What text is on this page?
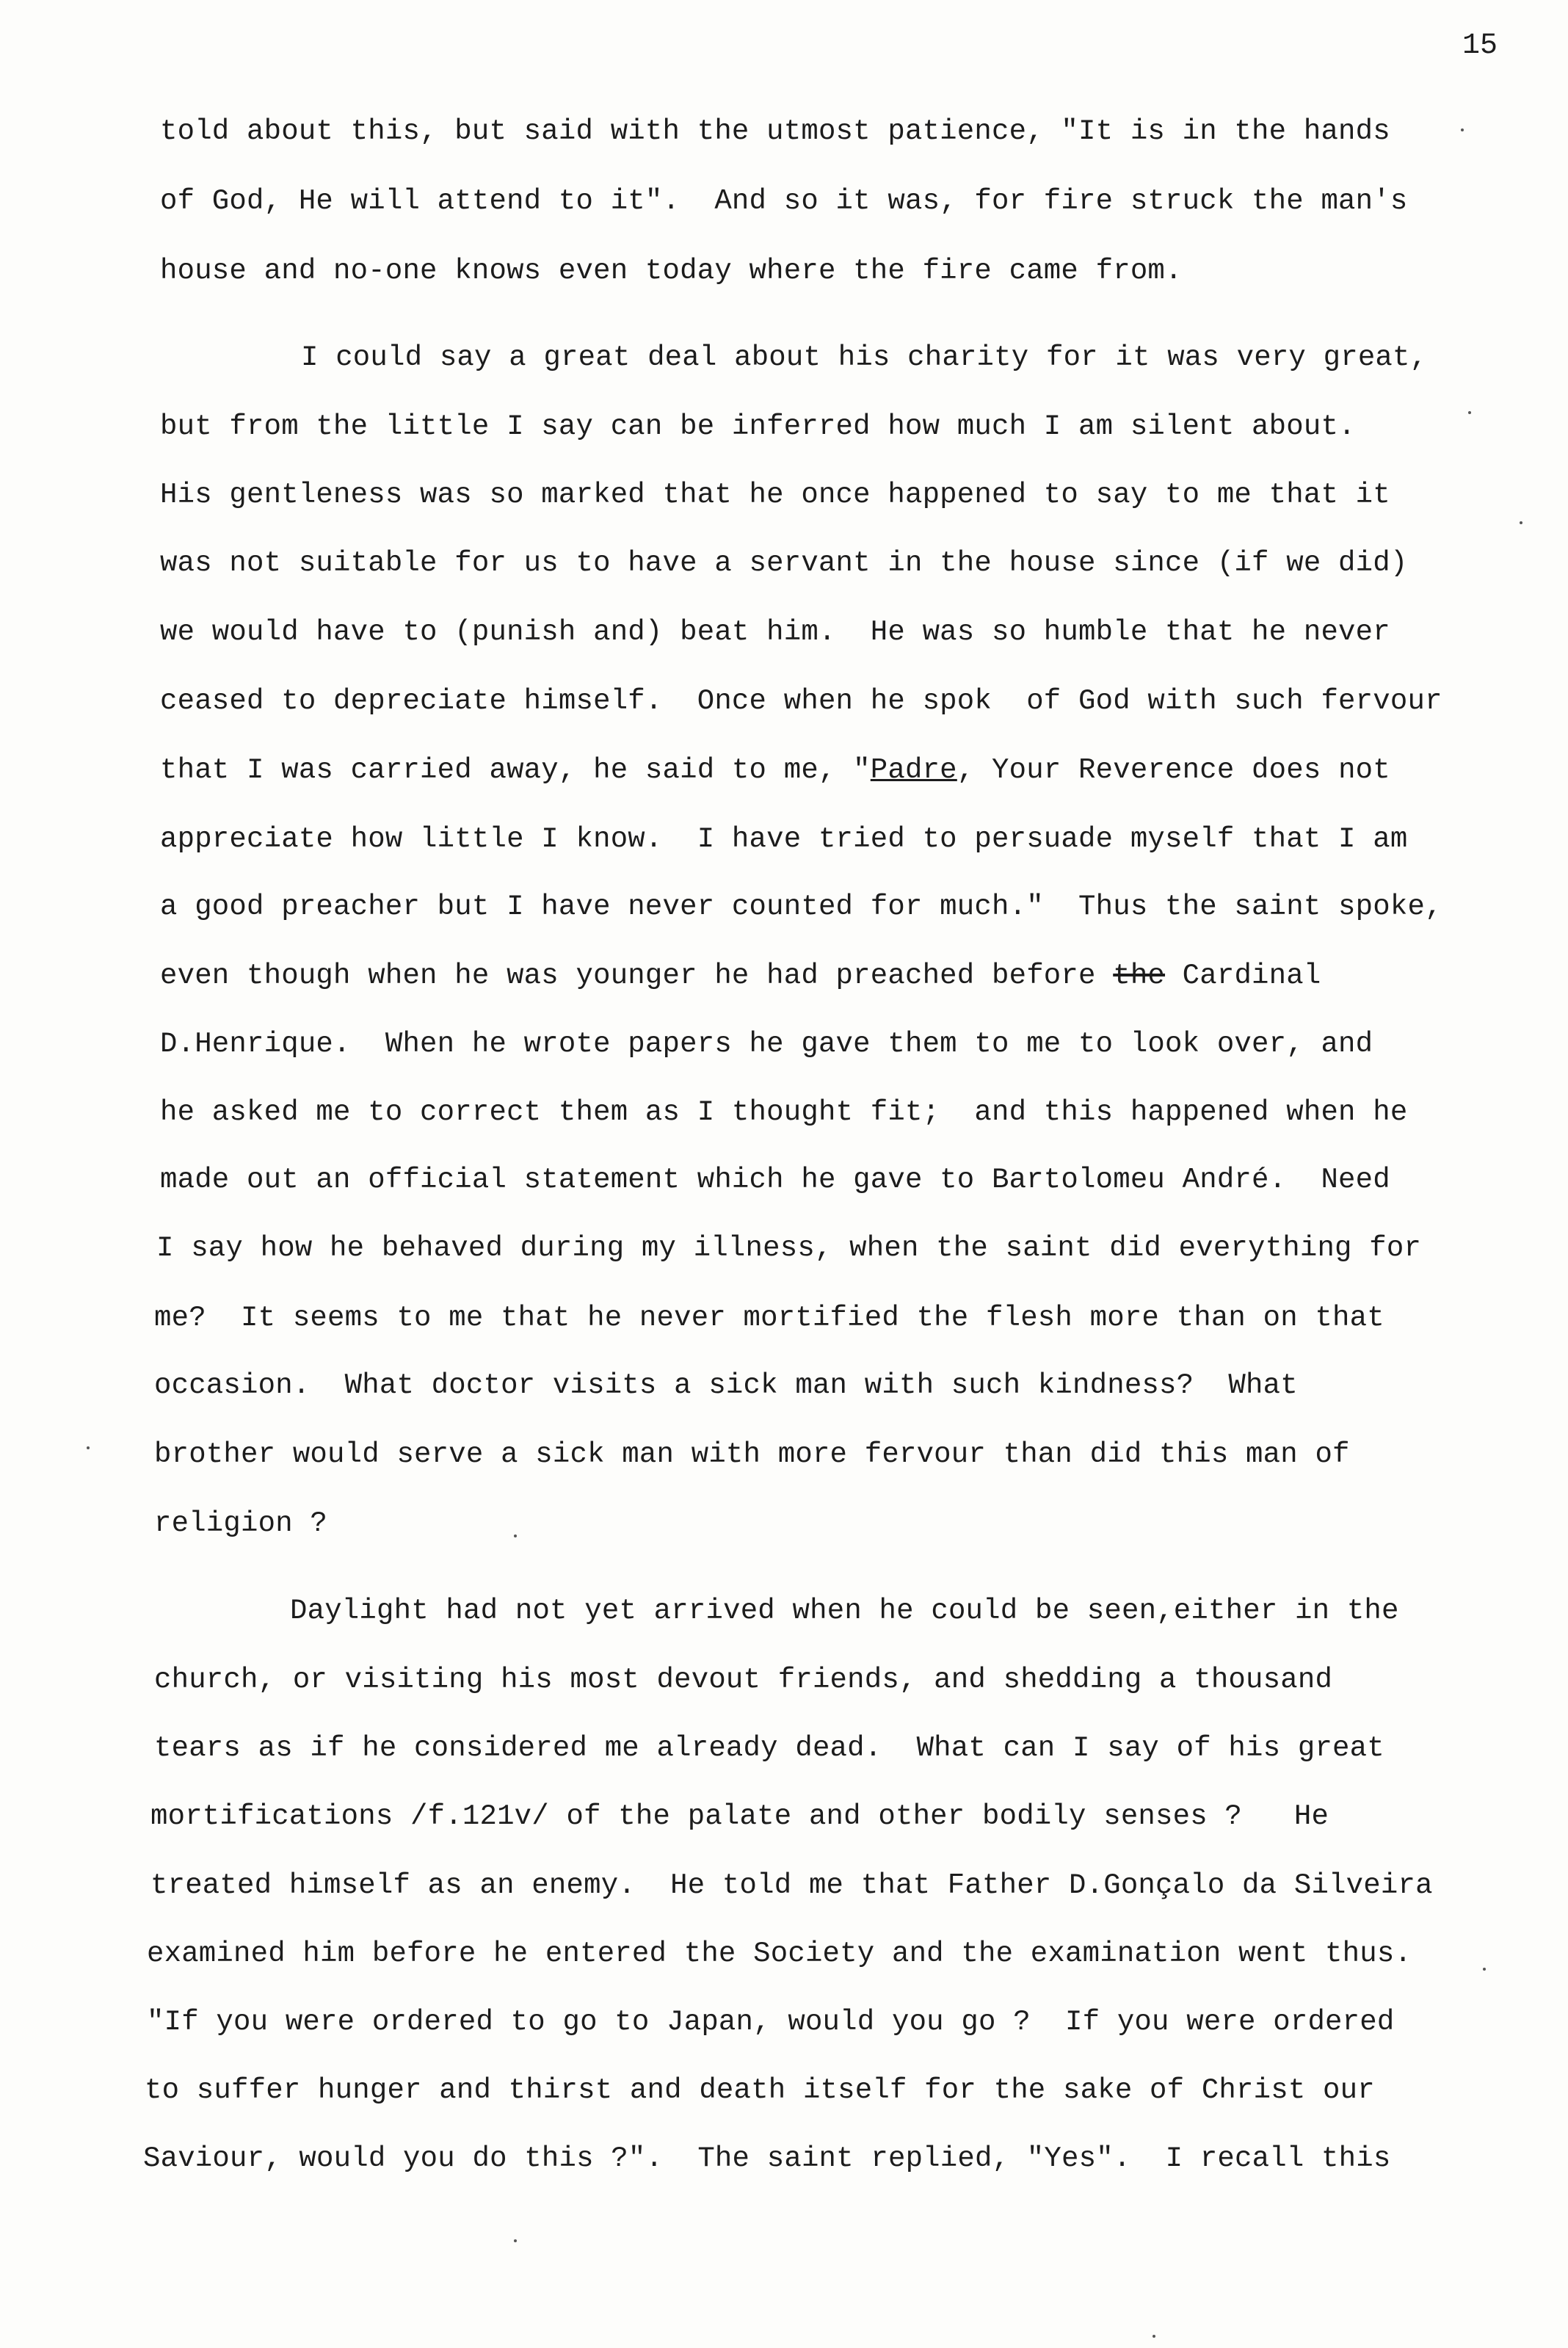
15
told about this, but said with the utmost patience, "It is in the hands
of God, He will attend to it".  And so it was, for fire struck the man's
house and no-one knows even today where the fire came from.
I could say a great deal about his charity for it was very great,
but from the little I say can be inferred how much I am silent about.
His gentleness was so marked that he once happened to say to me that it
was not suitable for us to have a servant in the house since (if we did)
we would have to (punish and) beat him.  He was so humble that he never
ceased to depreciate himself.  Once when he spok  of God with such fervour
that I was carried away, he said to me, "Padre, Your Reverence does not
appreciate how little I know.  I have tried to persuade myself that I am
a good preacher but I have never counted for much."  Thus the saint spoke,
even though when he was younger he had preached before the Cardinal
D.Henrique.  When he wrote papers he gave them to me to look over, and
he asked me to correct them as I thought fit;  and this happened when he
made out an official statement which he gave to Bartolomeu André.  Need
I say how he behaved during my illness, when the saint did everything for
me?  It seems to me that he never mortified the flesh more than on that
occasion.  What doctor visits a sick man with such kindness?  What
brother would serve a sick man with more fervour than did this man of
religion ?
Daylight had not yet arrived when he could be seen,either in the
church, or visiting his most devout friends, and shedding a thousand
tears as if he considered me already dead.  What can I say of his great
mortifications /f.121v/ of the palate and other bodily senses ?   He
treated himself as an enemy.  He told me that Father D.Gonçalo da Silveira
examined him before he entered the Society and the examination went thus.
"If you were ordered to go to Japan, would you go ?  If you were ordered
to suffer hunger and thirst and death itself for the sake of Christ our
Saviour, would you do this ?".  The saint replied, "Yes".  I recall this
